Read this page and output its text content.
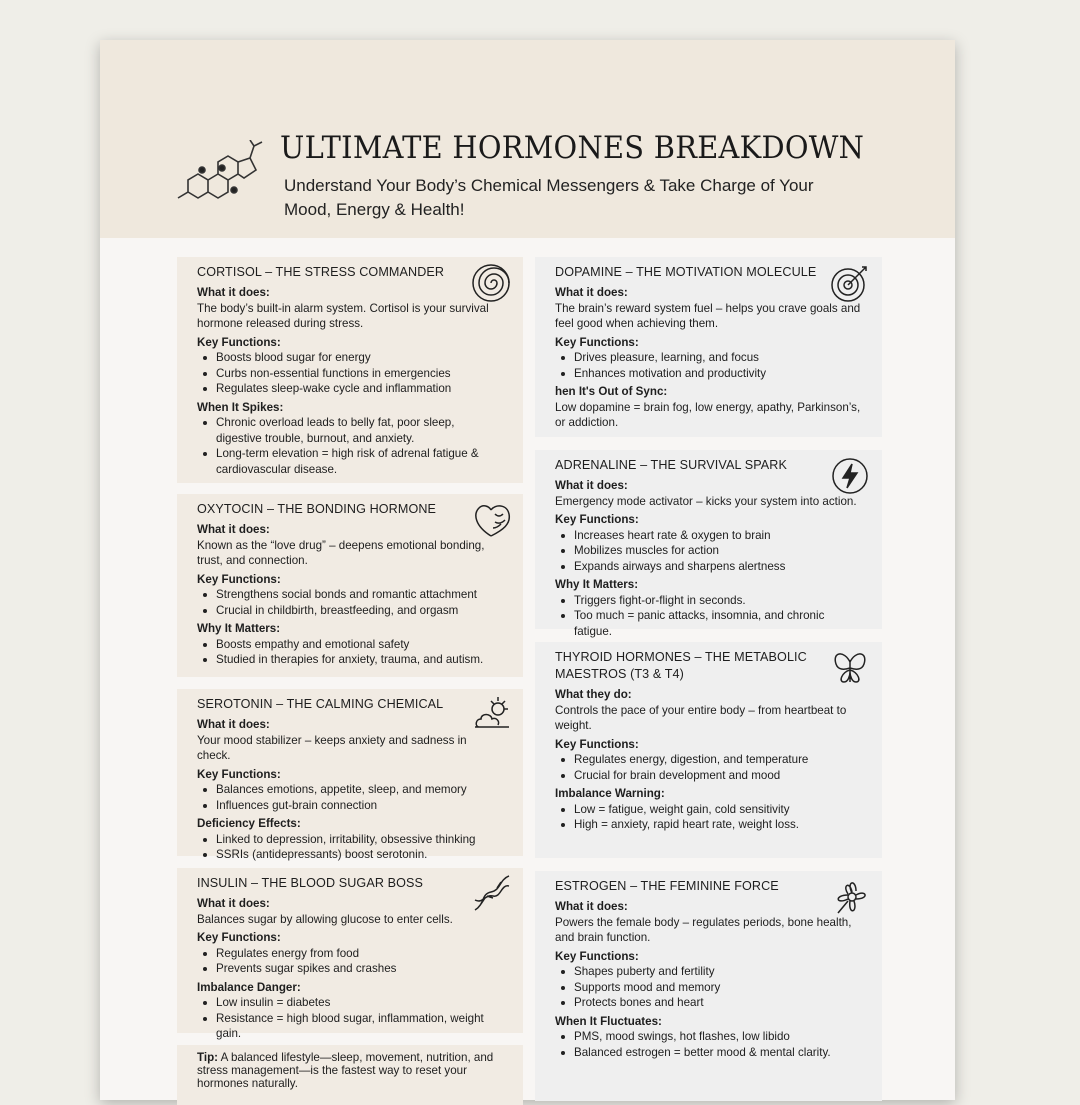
ULTIMATE HORMONES BREAKDOWN

Understand Your Body’s Chemical Messengers & Take Charge of Your Mood, Energy & Health!

CORTISOL – THE STRESS COMMANDER
What it does:
The body’s built-in alarm system. Cortisol is your survival hormone released during stress.
Key Functions:
Boosts blood sugar for energy
Curbs non-essential functions in emergencies
Regulates sleep-wake cycle and inflammation
When It Spikes:
Chronic overload leads to belly fat, poor sleep, digestive trouble, burnout, and anxiety.
Long-term elevation = high risk of adrenal fatigue & cardiovascular disease.
OXYTOCIN – THE BONDING HORMONE
What it does:
Known as the “love drug” – deepens emotional bonding, trust, and connection.
Key Functions:
Strengthens social bonds and romantic attachment
Crucial in childbirth, breastfeeding, and orgasm
Why It Matters:
Boosts empathy and emotional safety
Studied in therapies for anxiety, trauma, and autism.
SEROTONIN – THE CALMING CHEMICAL
What it does:
Your mood stabilizer – keeps anxiety and sadness in check.
Key Functions:
Balances emotions, appetite, sleep, and memory
Influences gut-brain connection
Deficiency Effects:
Linked to depression, irritability, obsessive thinking
SSRIs (antidepressants) boost serotonin.
INSULIN – THE BLOOD SUGAR BOSS
What it does:
Balances sugar by allowing glucose to enter cells.
Key Functions:
Regulates energy from food
Prevents sugar spikes and crashes
Imbalance Danger:
Low insulin = diabetes
Resistance = high blood sugar, inflammation, weight gain.
DOPAMINE – THE MOTIVATION MOLECULE
What it does:
The brain’s reward system fuel – helps you crave goals and feel good when achieving them.
Key Functions:
Drives pleasure, learning, and focus
Enhances motivation and productivity
hen It's Out of Sync:
Low dopamine = brain fog, low energy, apathy, Parkinson’s, or addiction.
ADRENALINE – THE SURVIVAL SPARK
What it does:
Emergency mode activator – kicks your system into action.
Key Functions:
Increases heart rate & oxygen to brain
Mobilizes muscles for action
Expands airways and sharpens alertness
Why It Matters:
Triggers fight-or-flight in seconds.
Too much = panic attacks, insomnia, and chronic fatigue.
THYROID HORMONES – THE METABOLIC MAESTROS (T3 & T4)
What they do:
Controls the pace of your entire body – from heartbeat to weight.
Key Functions:
Regulates energy, digestion, and temperature
Crucial for brain development and mood
Imbalance Warning:
Low = fatigue, weight gain, cold sensitivity
High = anxiety, rapid heart rate, weight loss.
ESTROGEN – THE FEMININE FORCE
What it does:
Powers the female body – regulates periods, bone health, and brain function.
Key Functions:
Shapes puberty and fertility
Supports mood and memory
Protects bones and heart
When It Fluctuates:
PMS, mood swings, hot flashes, low libido
Balanced estrogen = better mood & mental clarity.
Tip: A balanced lifestyle—sleep, movement, nutrition, and stress management—is the fastest way to reset your hormones naturally.
